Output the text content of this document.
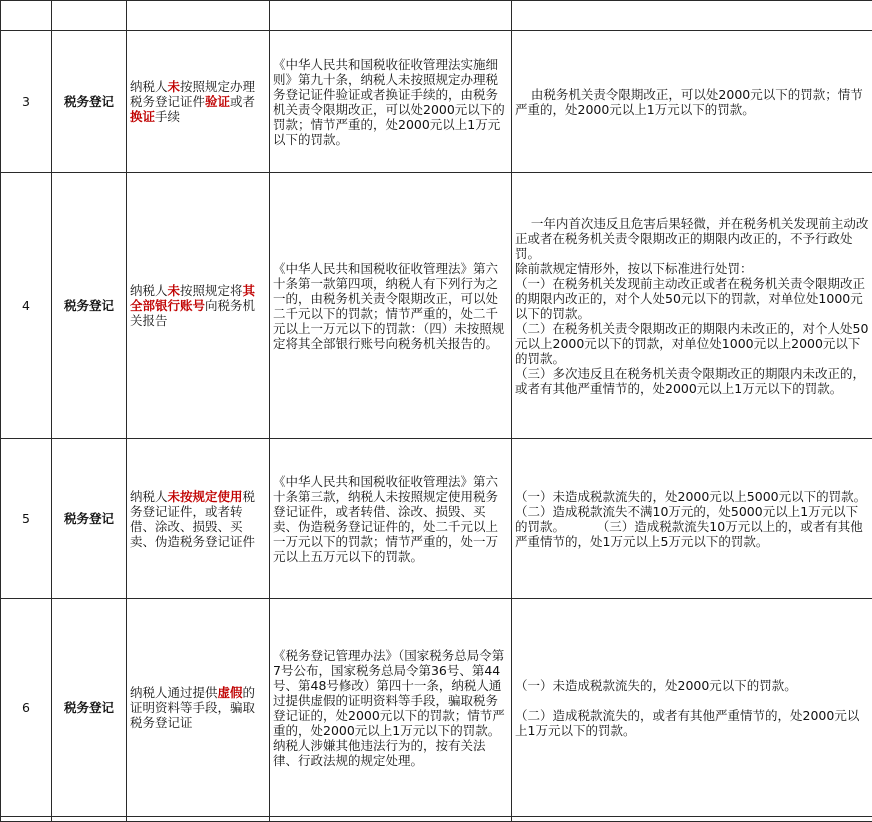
3	税务登记	纳税人未按照规定办理税务登记证件验证或者换证手续	《中华人民共和国税收征收管理法实施细则》第九十条，纳税人未按照规定办理税务登记证件验证或者换证手续的，由税务机关责令限期改正，可以处2000元以下的罚款；情节严重的，处2000元以上1万元以下的罚款。	由税务机关责令限期改正，可以处2000元以下的罚款；情节严重的，处2000元以上1万元以下的罚款。
4	税务登记	纳税人未按照规定将其全部银行账号向税务机关报告	《中华人民共和国税收征收管理法》第六十条第一款第四项，纳税人有下列行为之一的，由税务机关责令限期改正，可以处二千元以下的罚款；情节严重的，处二千元以上一万元以下的罚款：（四）未按照规定将其全部银行账号向税务机关报告的。	一年内首次违反且危害后果轻微，并在税务机关发现前主动改正或者在税务机关责令限期改正的期限内改正的，不予行政处罚。
除前款规定情形外，按以下标准进行处罚：
（一）在税务机关发现前主动改正或者在税务机关责令限期改正的期限内改正的，对个人处50元以下的罚款，对单位处1000元以下的罚款。
（二）在税务机关责令限期改正的期限内未改正的，对个人处50元以上2000元以下的罚款，对单位处1000元以上2000元以下的罚款。
（三）多次违反且在税务机关责令限期改正的期限内未改正的，或者有其他严重情节的，处2000元以上1万元以下的罚款。
5	税务登记	纳税人未按规定使用税务登记证件，或者转借、涂改、损毁、买卖、伪造税务登记证件	《中华人民共和国税收征收管理法》第六十条第三款，纳税人未按照规定使用税务登记证件，或者转借、涂改、损毁、买卖、伪造税务登记证件的，处二千元以上一万元以下的罚款；情节严重的，处一万元以上五万元以下的罚款。	（一）未造成税款流失的，处2000元以上5000元以下的罚款。
（二）造成税款流失不满10万元的，处5000元以上1万元以下的罚款。        （三）造成税款流失10万元以上的，或者有其他严重情节的，处1万元以上5万元以下的罚款。
6	税务登记	纳税人通过提供虚假的证明资料等手段，骗取税务登记证	《税务登记管理办法》（国家税务总局令第7号公布，国家税务总局令第36号、第44号、第48号修改）第四十一条，纳税人通过提供虚假的证明资料等手段，骗取税务登记证的，处2000元以下的罚款；情节严重的，处2000元以上1万元以下的罚款。纳税人涉嫌其他违法行为的，按有关法律、行政法规的规定处理。	（一）未造成税款流失的，处2000元以下的罚款。

（二）造成税款流失的，或者有其他严重情节的，处2000元以上1万元以下的罚款。
